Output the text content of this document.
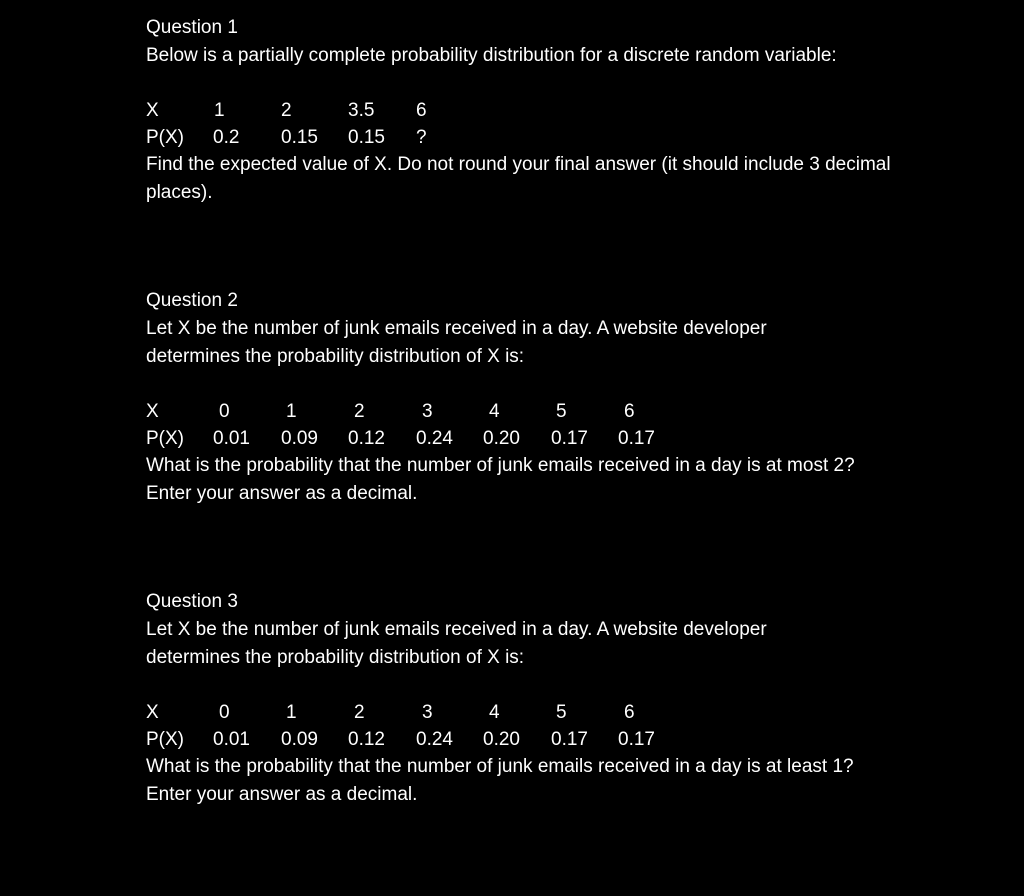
Question 1
Below is a partially complete probability distribution for a discrete random variable:
X	1	2	3.5 6
P(X) 0.2 0.15 0.15 ?
Find the expected value of X. Do not round your final answer (it should include 3 decimal places).
Question 2
Let X be the number of junk emails received in a day. A website developer determines the probability distribution of X is:
X	0	1	2	3	4	5	6
P(X) 0.01 0.09 0.12 0.24 0.20 0.17 0.17
What is the probability that the number of junk emails received in a day is at most 2?
Enter your answer as a decimal.
Question 3
Let X be the number of junk emails received in a day. A website developer determines the probability distribution of X is:
X	0	1	2	3	4	5	6
P(X) 0.01 0.09 0.12 0.24 0.20 0.17 0.17
What is the probability that the number of junk emails received in a day is at least 1?
Enter your answer as a decimal.
